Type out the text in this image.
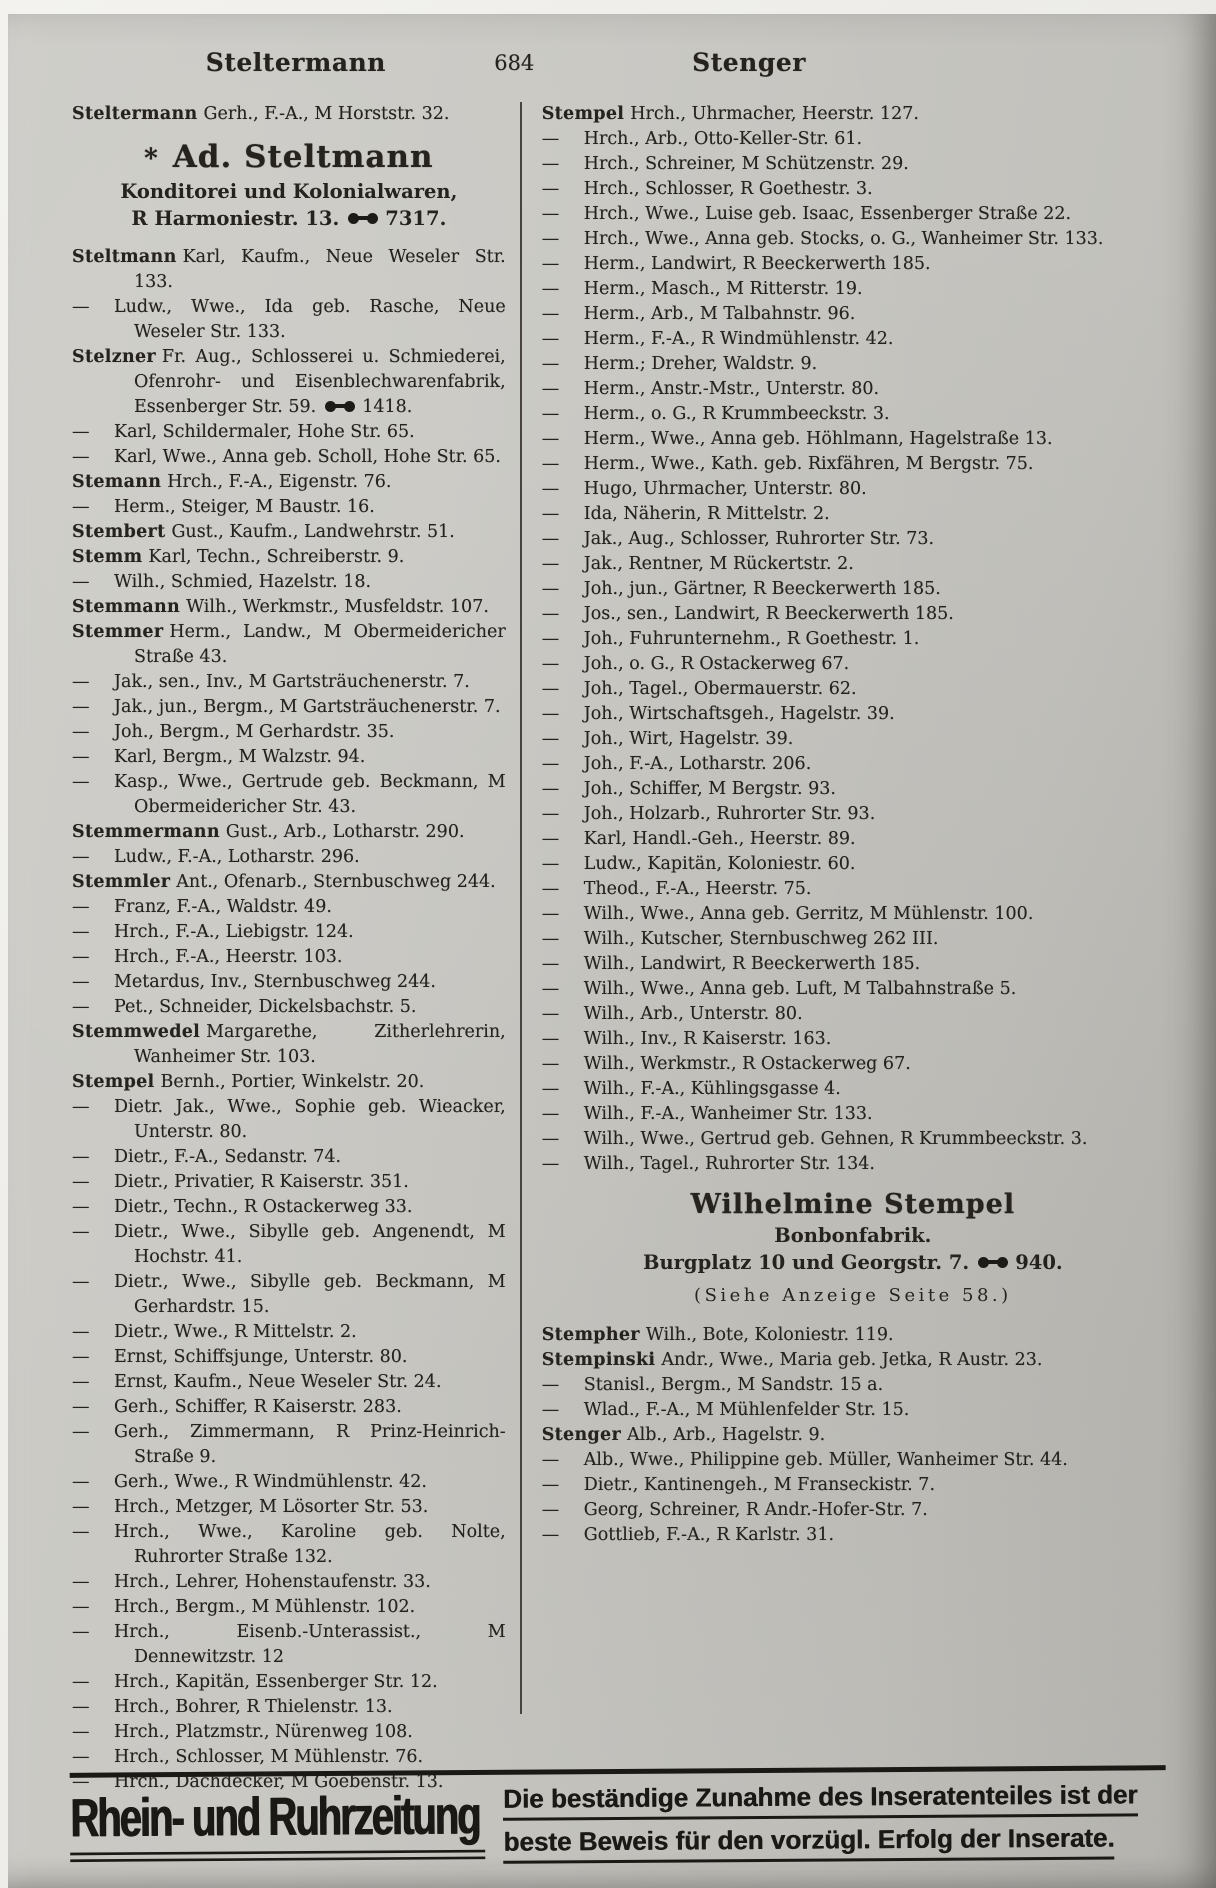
Steltermann	684	Stenger
Steltermann Gerh., F.-A., M Horststr. 32.
* Ad. Steltmann
Konditorei und Kolonialwaren,
R Harmoniestr. 13. 7317.
Steltmann Karl, Kaufm., Neue Weseler Str. 133.
— Ludw., Wwe., Ida geb. Rasche, Neue Weseler Str. 133.
Stelzner Fr. Aug., Schlosserei u. Schmiederei, Ofenrohr- und Eisenblechwarenfabrik, Essenberger Str. 59.	1418.
— Karl, Schildermaler, Hohe Str. 65.
— Karl, Wwe., Anna geb. Scholl, Hohe Str. 65.
Stemann Hrch., F.-A., Eigenstr. 76.
— Herm., Steiger, M Baustr. 16.
Stembert Gust., Kaufm., Landwehrstr. 51.
Stemm Karl, Techn., Schreiberstr. 9.
— Wilh., Schmied, Hazelstr. 18.
Stemmann Wilh., Werkmstr., Musfeldstr. 107.
Stemmer Herm., Landw., M Obermeidericher Straße 43.
— Jak., sen., Inv., M Gartsträuchenerstr. 7.
— Jak., jun., Bergm., M Gartsträuchenerstr. 7.
— Joh., Bergm., M Gerhardstr. 35.
— Karl, Bergm., M Walzstr. 94.
— Kasp., Wwe., Gertrude geb. Beckmann, M Obermeidericher Str. 43.
Stemmermann Gust., Arb., Lotharstr. 290.
— Ludw., F.-A., Lotharstr. 296.
Stemmler Ant., Ofenarb., Sternbuschweg 244.
— Franz, F.-A., Waldstr. 49.
— Hrch., F.-A., Liebigstr. 124.
— Hrch., F.-A., Heerstr. 103.
— Metardus, Inv., Sternbuschweg 244.
— Pet., Schneider, Dickelsbachstr. 5.
Stemmwedel Margarethe, Zitherlehrerin, Wanheimer Str. 103.
Stempel Bernh., Portier, Winkelstr. 20.
— Dietr. Jak., Wwe., Sophie geb. Wieacker, Unterstr. 80.
— Dietr., F.-A., Sedanstr. 74.
— Dietr., Privatier, R Kaiserstr. 351.
— Dietr., Techn., R Ostackerweg 33.
— Dietr., Wwe., Sibylle geb. Angenendt, M Hochstr. 41.
— Dietr., Wwe., Sibylle geb. Beckmann, M Gerhardstr. 15.
— Dietr., Wwe., R Mittelstr. 2.
— Ernst, Schiffsjunge, Unterstr. 80.
— Ernst, Kaufm., Neue Weseler Str. 24.
— Gerh., Schiffer, R Kaiserstr. 283.
— Gerh., Zimmermann, R Prinz-Heinrich-Straße 9.
— Gerh., Wwe., R Windmühlenstr. 42.
— Hrch., Metzger, M Lösorter Str. 53.
— Hrch., Wwe., Karoline geb. Nolte, Ruhrorter Straße 132.
— Hrch., Lehrer, Hohenstaufenstr. 33.
— Hrch., Bergm., M Mühlenstr. 102.
— Hrch., Eisenb.-Unterassist., M Dennewitzstr. 12
— Hrch., Kapitän, Essenberger Str. 12.
— Hrch., Bohrer, R Thielenstr. 13.
— Hrch., Platzmstr., Nürenweg 108.
— Hrch., Schlosser, M Mühlenstr. 76.
— Hrch., Dachdecker, M Goebenstr. 13.
Stempel Hrch., Uhrmacher, Heerstr. 127.
— Hrch., Arb., Otto-Keller-Str. 61.
— Hrch., Schreiner, M Schützenstr. 29.
— Hrch., Schlosser, R Goethestr. 3.
— Hrch., Wwe., Luise geb. Isaac, Essenberger Straße 22.
— Hrch., Wwe., Anna geb. Stocks, o. G., Wanheimer Str. 133.
— Herm., Landwirt, R Beeckerwerth 185.
— Herm., Masch., M Ritterstr. 19.
— Herm., Arb., M Talbahnstr. 96.
— Herm., F.-A., R Windmühlenstr. 42.
— Herm.; Dreher, Waldstr. 9.
— Herm., Anstr.-Mstr., Unterstr. 80.
— Herm., o. G., R Krummbeeckstr. 3.
— Herm., Wwe., Anna geb. Höhlmann, Hagelstraße 13.
— Herm., Wwe., Kath. geb. Rixfähren, M Bergstr. 75.
— Hugo, Uhrmacher, Unterstr. 80.
— Ida, Näherin, R Mittelstr. 2.
— Jak., Aug., Schlosser, Ruhrorter Str. 73.
— Jak., Rentner, M Rückertstr. 2.
— Joh., jun., Gärtner, R Beeckerwerth 185.
— Jos., sen., Landwirt, R Beeckerwerth 185.
— Joh., Fuhrunternehm., R Goethestr. 1.
— Joh., o. G., R Ostackerweg 67.
— Joh., Tagel., Obermauerstr. 62.
— Joh., Wirtschaftsgeh., Hagelstr. 39.
— Joh., Wirt, Hagelstr. 39.
— Joh., F.-A., Lotharstr. 206.
— Joh., Schiffer, M Bergstr. 93.
— Joh., Holzarb., Ruhrorter Str. 93.
— Karl, Handl.-Geh., Heerstr. 89.
— Ludw., Kapitän, Koloniestr. 60.
— Theod., F.-A., Heerstr. 75.
— Wilh., Wwe., Anna geb. Gerritz, M Mühlenstr. 100.
— Wilh., Kutscher, Sternbuschweg 262 III.
— Wilh., Landwirt, R Beeckerwerth 185.
— Wilh., Wwe., Anna geb. Luft, M Talbahnstraße 5.
— Wilh., Arb., Unterstr. 80.
— Wilh., Inv., R Kaiserstr. 163.
— Wilh., Werkmstr., R Ostackerweg 67.
— Wilh., F.-A., Kühlingsgasse 4.
— Wilh., F.-A., Wanheimer Str. 133.
— Wilh., Wwe., Gertrud geb. Gehnen, R Krummbeeckstr. 3.
— Wilh., Tagel., Ruhrorter Str. 134.
Wilhelmine Stempel
Bonbonfabrik.
Burgplatz 10 und Georgstr. 7. 940.
(Siehe Anzeige Seite 58.)
Stempher Wilh., Bote, Koloniestr. 119.
Stempinski Andr., Wwe., Maria geb. Jetka, R Austr. 23.
— Stanisl., Bergm., M Sandstr. 15 a.
— Wlad., F.-A., M Mühlenfelder Str. 15.
Stenger Alb., Arb., Hagelstr. 9.
— Alb., Wwe., Philippine geb. Müller, Wanheimer Str. 44.
— Dietr., Kantinengeh., M Franseckistr. 7.
— Georg, Schreiner, R Andr.-Hofer-Str. 7.
— Gottlieb, F.-A., R Karlstr. 31.
Rhein- und Ruhrzeitung Die beständige Zunahme des Inseratenteiles ist der
beste Beweis für den vorzügl. Erfolg der Inserate.
